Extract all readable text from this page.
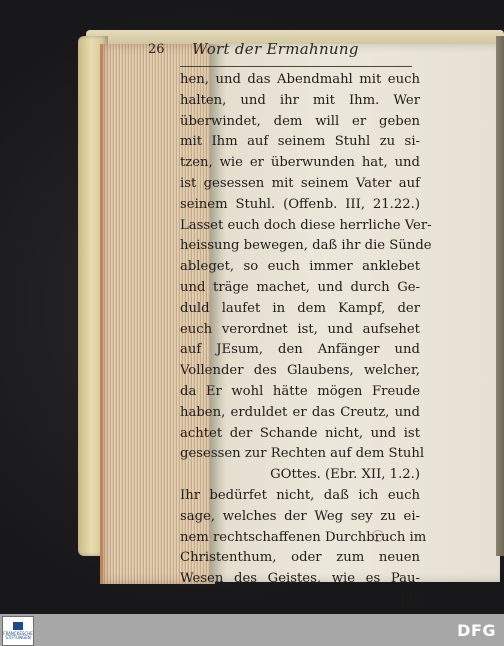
26 Wort der Ermahnung
hen, und das Abendmahl mit euch
halten, und ihr mit Ihm. Wer
überwindet, dem will er geben
mit Ihm auf seinem Stuhl zu si-
tzen, wie er überwunden hat, und
ist gesessen mit seinem Vater auf
seinem Stuhl. (Offenb. III, 21.22.)
Lasset euch doch diese herrliche Ver-
heissung bewegen, daß ihr die Sünde
ableget, so euch immer anklebet
und träge machet, und durch Ge-
duld laufet in dem Kampf, der
euch verordnet ist, und aufsehet
auf JEsum, den Anfänger und
Vollender des Glaubens, welcher,
da Er wohl hätte mögen Freude
haben, erduldet er das Creutz, und
achtet der Schande nicht, und ist
gesessen zur Rechten auf dem Stuhl
GOttes. (Ebr. XII, 1.2.)
Ihr bedürfet nicht, daß ich euch
sage, welches der Weg sey zu ei-
nem rechtschaffenen Durchbruch im
Christenthum, oder zum neuen
Wesen des Geistes, wie es Pau-
lus
FRANCKESCHE STIFTUNGEN	DFG
